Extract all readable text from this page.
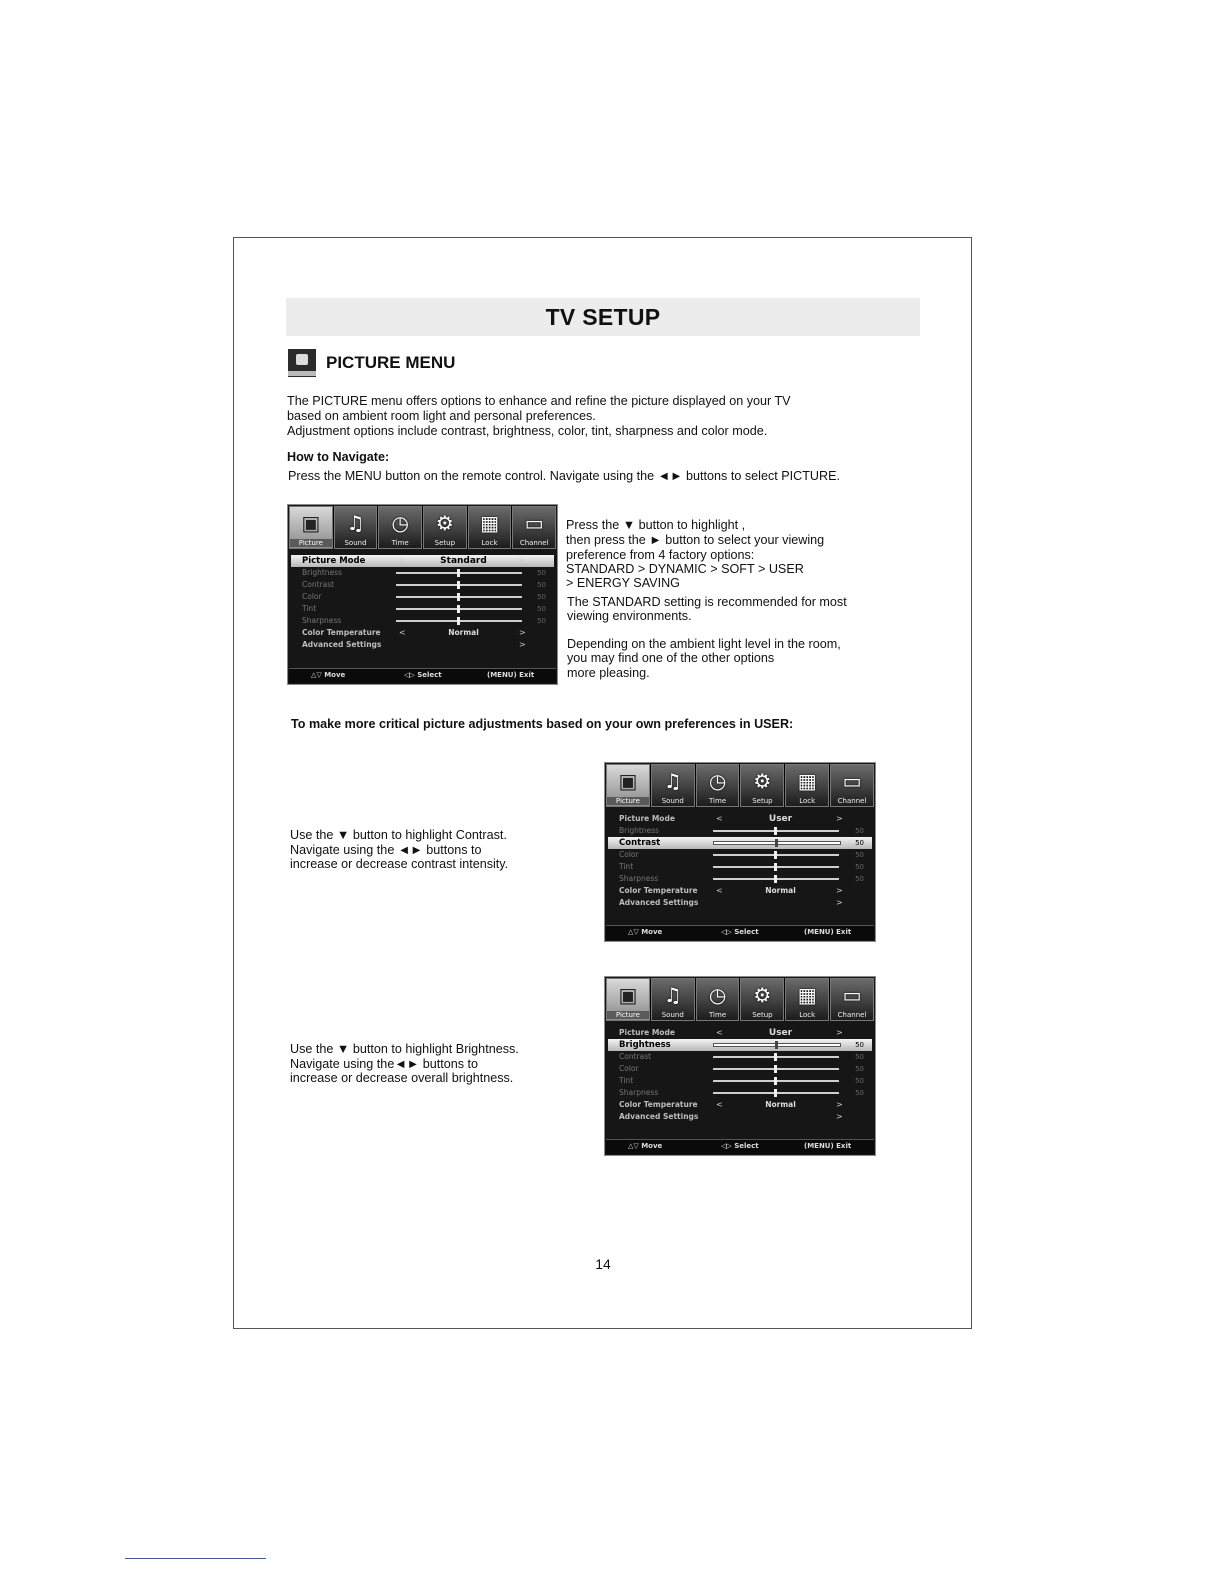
TV SETUP
PICTURE MENU
The PICTURE menu offers options to enhance and refine the picture displayed on your TV
based on ambient room light and personal preferences.
Adjustment options include contrast, brightness, color, tint, sharpness and color mode.
How to Navigate:
Press the MENU button on the remote control. Navigate using the ◄► buttons to select PICTURE.
▣
Picture
♫
Sound
◷
Time
⚙
Setup
▦
Lock
▭
Channel
Picture Mode	<	Standard	>
Brightness	50
Contrast	50
Color	50
Tint	50
Sharpness	50
Color Temperature <	Normal	>
Advanced Settings	>
△▽ Move	◁▷ Select	(MENU) Exit
Press the ▼ button to highlight ,
then press the ► button to select your viewing
preference from 4 factory options:
STANDARD > DYNAMIC > SOFT > USER
> ENERGY SAVING
The STANDARD setting is recommended for most
viewing environments.
Depending on the ambient light level in the room,
you may find one of the other options
more pleasing.
To make more critical picture adjustments based on your own preferences in USER:
Use the ▼ button to highlight Contrast.
Navigate using the ◄► buttons to
increase or decrease contrast intensity.
▣
Picture
♫
Sound
◷
Time
⚙
Setup
▦
Lock
▭
Channel
Picture Mode	<	User	>
Brightness	50
Contrast	50
Color	50
Tint	50
Sharpness	50
Color Temperature <	Normal	>
Advanced Settings	>
△▽ Move	◁▷ Select	(MENU) Exit
Use the ▼ button to highlight Brightness.
Navigate using the◄► buttons to
increase or decrease overall brightness.
▣
Picture
♫
Sound
◷
Time
⚙
Setup
▦
Lock
▭
Channel
Picture Mode	<	User	>
Brightness	50
Contrast	50
Color	50
Tint	50
Sharpness	50
Color Temperature <	Normal	>
Advanced Settings	>
△▽ Move	◁▷ Select	(MENU) Exit
14
